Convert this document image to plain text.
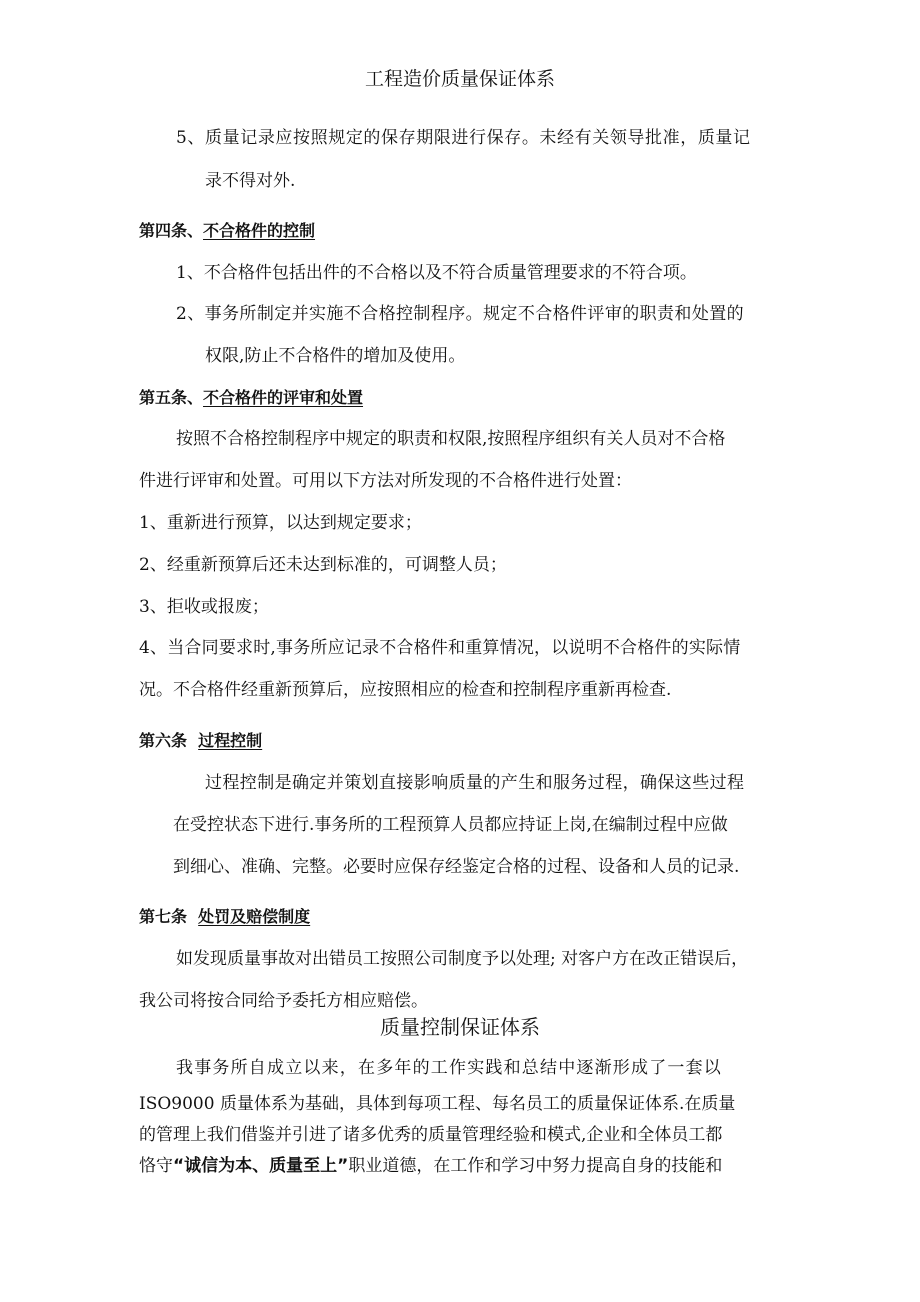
工程造价质量保证体系
5、质量记录应按照规定的保存期限进行保存。未经有关领导批准，质量记
录不得对外.
第四条、不合格件的控制
1、不合格件包括出件的不合格以及不符合质量管理要求的不符合项。
2、事务所制定并实施不合格控制程序。规定不合格件评审的职责和处置的
权限,防止不合格件的增加及使用。
第五条、不合格件的评审和处置
按照不合格控制程序中规定的职责和权限,按照程序组织有关人员对不合格
件进行评审和处置。可用以下方法对所发现的不合格件进行处置：
1、重新进行预算，以达到规定要求；
2、经重新预算后还未达到标准的，可调整人员；
3、拒收或报废；
4、当合同要求时,事务所应记录不合格件和重算情况，以说明不合格件的实际情
况。不合格件经重新预算后，应按照相应的检查和控制程序重新再检查.
第六条 过程控制
过程控制是确定并策划直接影响质量的产生和服务过程，确保这些过程
在受控状态下进行.事务所的工程预算人员都应持证上岗,在编制过程中应做
到细心、准确、完整。必要时应保存经鉴定合格的过程、设备和人员的记录.
第七条 处罚及赔偿制度
如发现质量事故对出错员工按照公司制度予以处理; 对客户方在改正错误后，
我公司将按合同给予委托方相应赔偿。
质量控制保证体系
我事务所自成立以来，在多年的工作实践和总结中逐渐形成了一套以
ISO9000 质量体系为基础，具体到每项工程、每名员工的质量保证体系.在质量
的管理上我们借鉴并引进了诸多优秀的质量管理经验和模式,企业和全体员工都
恪守“诚信为本、质量至上”职业道德，在工作和学习中努力提高自身的技能和
